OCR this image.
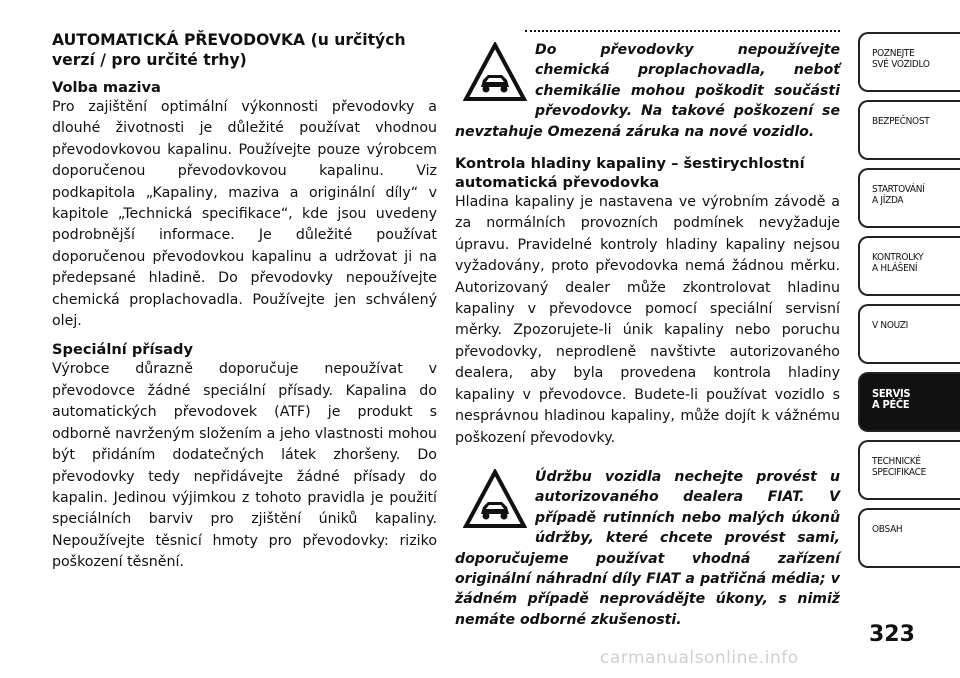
AUTOMATICKÁ PŘEVODOVKA (u určitých verzí / pro určité trhy)
Volba maziva

Pro zajištění optimální výkonnosti převodovky a dlouhé životnosti je důležité používat vhodnou převodovkovou kapalinu. Používejte pouze výrobcem doporučenou převodovkovou kapalinu. Viz podkapitola „Kapaliny, maziva a originální díly“ v kapitole „Technická specifikace“, kde jsou uvedeny podrobnější informace. Je důležité používat doporučenou převodovkou kapalinu a udržovat ji na předepsané hladině. Do převodovky nepoužívejte chemická proplachovadla. Používejte jen schválený olej.

Speciální přísady

Výrobce důrazně doporučuje nepoužívat v převodovce žádné speciální přísady. Kapalina do automatických převodovek (ATF) je produkt s odborně navrženým složením a jeho vlastnosti mohou být přidáním dodatečných látek zhoršeny. Do převodovky tedy nepřidávejte žádné přísady do kapalin. Jedinou výjimkou z tohoto pravidla je použití speciálních barviv pro zjištění úniků kapaliny. Nepoužívejte těsnicí hmoty pro převodovky: riziko poškození těsnění.

Do převodovky nepoužívejte chemická proplachovadla, neboť chemikálie mohou poškodit součásti převodovky. Na takové poškození se nevztahuje Omezená záruka na nové vozidlo.
Kontrola hladiny kapaliny – šestirychlostní automatická převodovka

Hladina kapaliny je nastavena ve výrobním závodě a za normálních provozních podmínek nevyžaduje úpravu. Pravidelné kontroly hladiny kapaliny nejsou vyžadovány, proto převodovka nemá žádnou měrku. Autorizovaný dealer může zkontrolovat hladinu kapaliny v převodovce pomocí speciální servisní měrky. Zpozorujete-li únik kapaliny nebo poruchu převodovky, neprodleně navštivte autorizovaného dealera, aby byla provedena kontrola hladiny kapaliny v převodovce. Budete-li používat vozidlo s nesprávnou hladinou kapaliny, může dojít k vážnému poškození převodovky.

Údržbu vozidla nechejte provést u autorizovaného dealera FIAT. V případě rutinních nebo malých úkonů údržby, které chcete provést sami, doporučujeme používat vhodná zařízení originální náhradní díly FIAT a patřičná média; v žádném případě neprovádějte úkony, s nimiž nemáte odborné zkušenosti.
POZNEJTE
SVÉ VOZIDLO
BEZPEČNOST
STARTOVÁNÍ
A JÍZDA
KONTROLKY
A HLÁŠENÍ
V NOUZI
SERVIS
A PÉČE
TECHNICKÉ
SPECIFIKACE
OBSAH
323
carmanualsonline.info
